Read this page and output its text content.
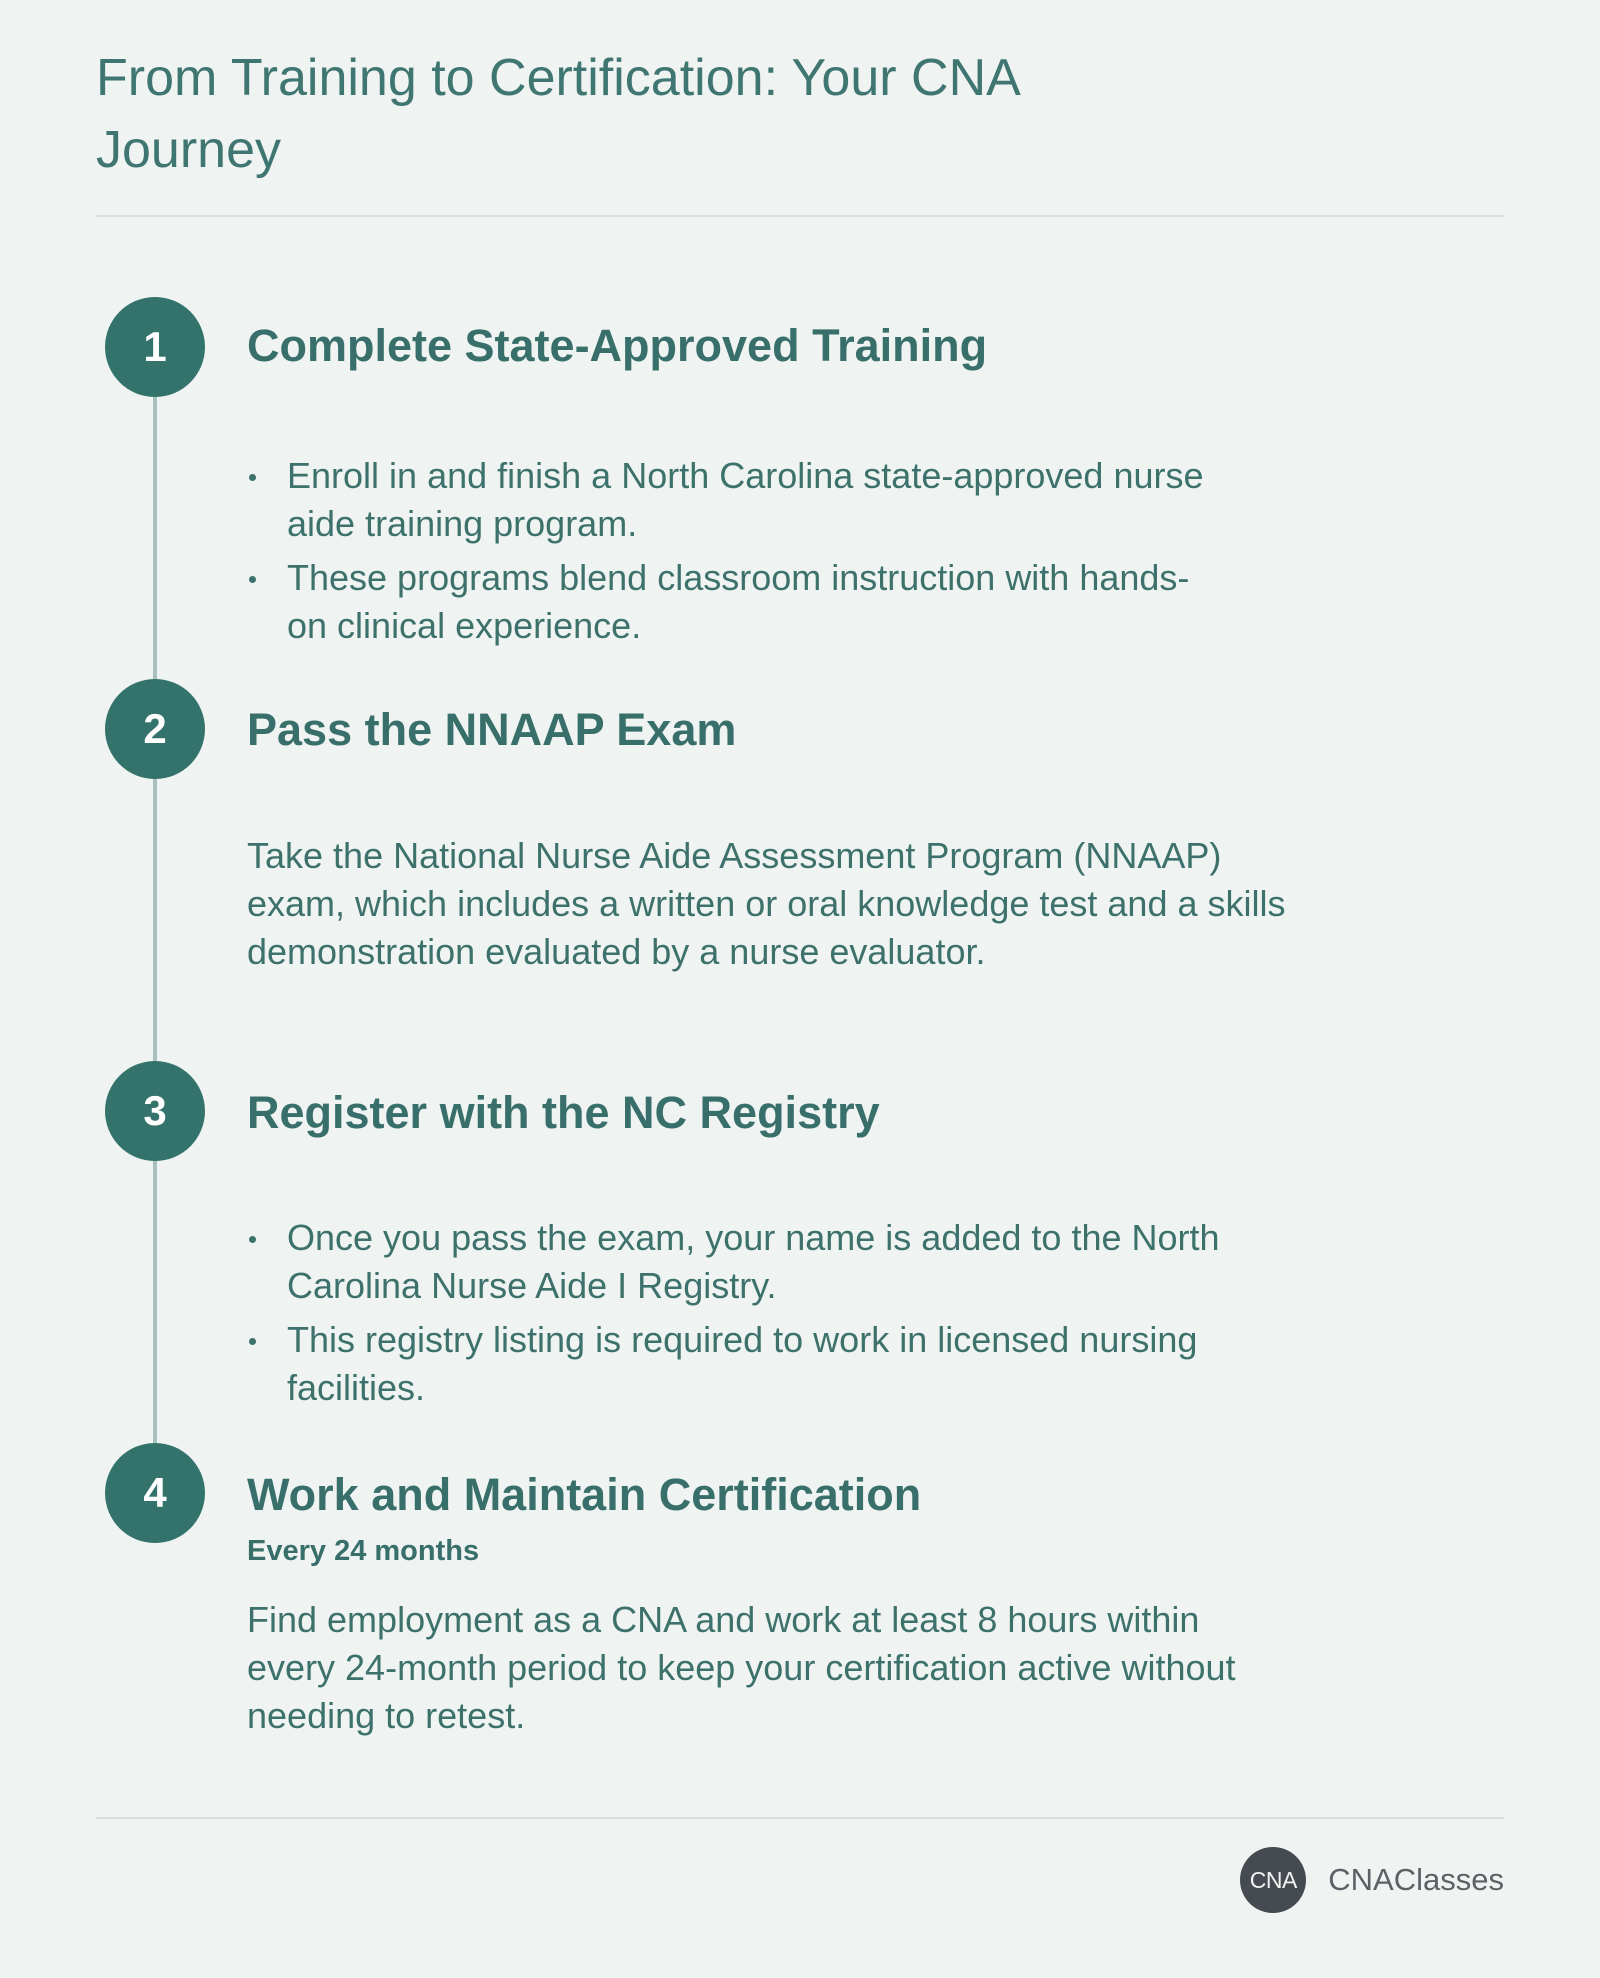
From Training to Certification: Your CNA Journey
1	Complete State-Approved Training
Enroll in and finish a North Carolina state-approved nurse aide training program.
These programs blend classroom instruction with hands-on clinical experience.
2	Pass the NNAAP Exam

Take the National Nurse Aide Assessment Program (NNAAP) exam, which includes a written or oral knowledge test and a skills demonstration evaluated by a nurse evaluator.

3	Register with the NC Registry
Once you pass the exam, your name is added to the North Carolina Nurse Aide I Registry.
This registry listing is required to work in licensed nursing facilities.
4	Work and Maintain Certification
Every 24 months

Find employment as a CNA and work at least 8 hours within every 24-month period to keep your certification active without needing to retest.

CNA	CNAClasses
